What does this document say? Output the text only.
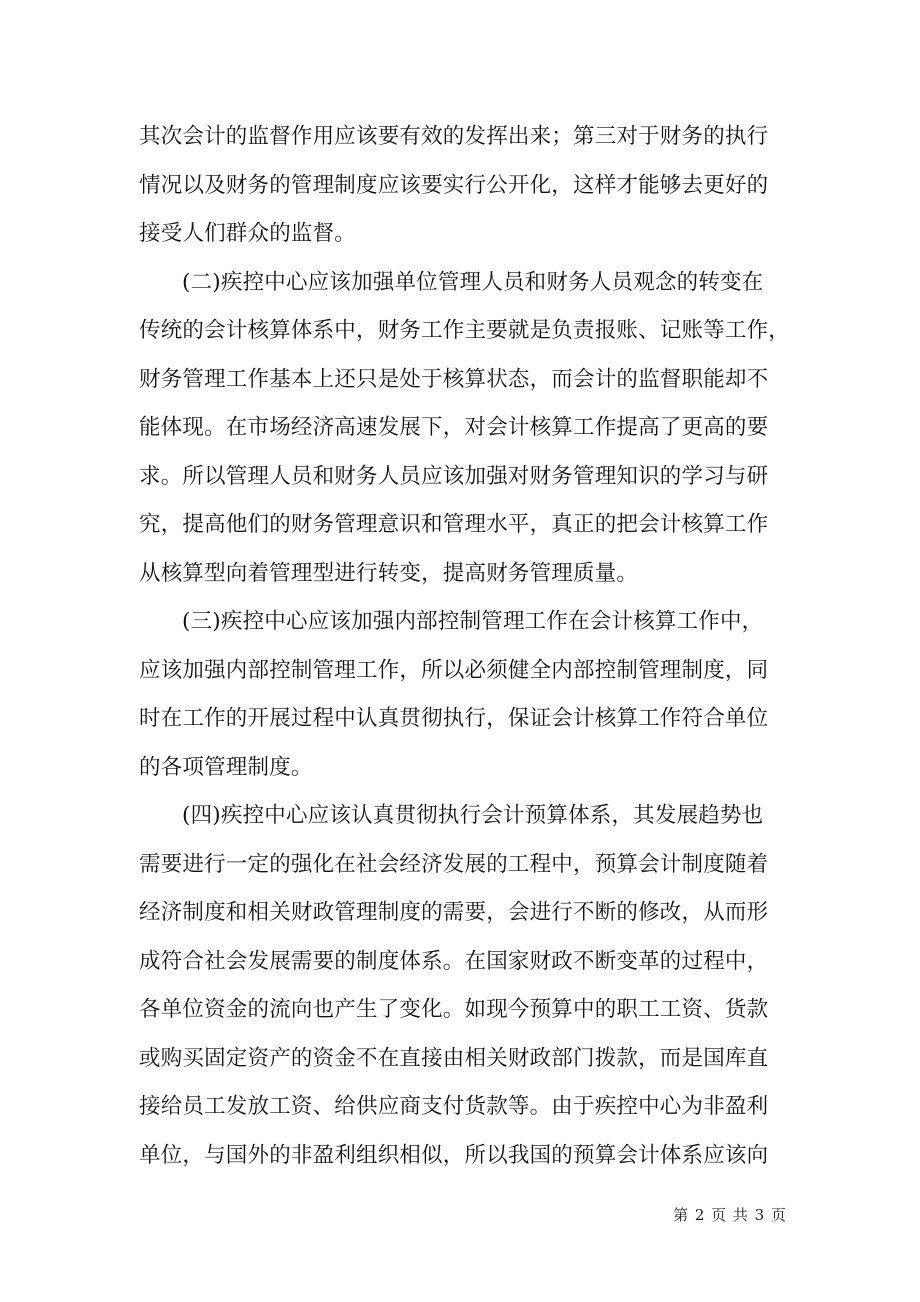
其次会计的监督作用应该要有效的发挥出来；第三对于财务的执行
情况以及财务的管理制度应该要实行公开化，这样才能够去更好的
接受人们群众的监督。
(二)疾控中心应该加强单位管理人员和财务人员观念的转变在
传统的会计核算体系中，财务工作主要就是负责报账、记账等工作，
财务管理工作基本上还只是处于核算状态，而会计的监督职能却不
能体现。在市场经济高速发展下，对会计核算工作提高了更高的要
求。所以管理人员和财务人员应该加强对财务管理知识的学习与研
究，提高他们的财务管理意识和管理水平，真正的把会计核算工作
从核算型向着管理型进行转变，提高财务管理质量。
(三)疾控中心应该加强内部控制管理工作在会计核算工作中，
应该加强内部控制管理工作，所以必须健全内部控制管理制度，同
时在工作的开展过程中认真贯彻执行，保证会计核算工作符合单位
的各项管理制度。
(四)疾控中心应该认真贯彻执行会计预算体系，其发展趋势也
需要进行一定的强化在社会经济发展的工程中，预算会计制度随着
经济制度和相关财政管理制度的需要，会进行不断的修改，从而形
成符合社会发展需要的制度体系。在国家财政不断变革的过程中，
各单位资金的流向也产生了变化。如现今预算中的职工工资、货款
或购买固定资产的资金不在直接由相关财政部门拨款，而是国库直
接给员工发放工资、给供应商支付货款等。由于疾控中心为非盈利
单位，与国外的非盈利组织相似，所以我国的预算会计体系应该向
第 2 页 共 3 页
